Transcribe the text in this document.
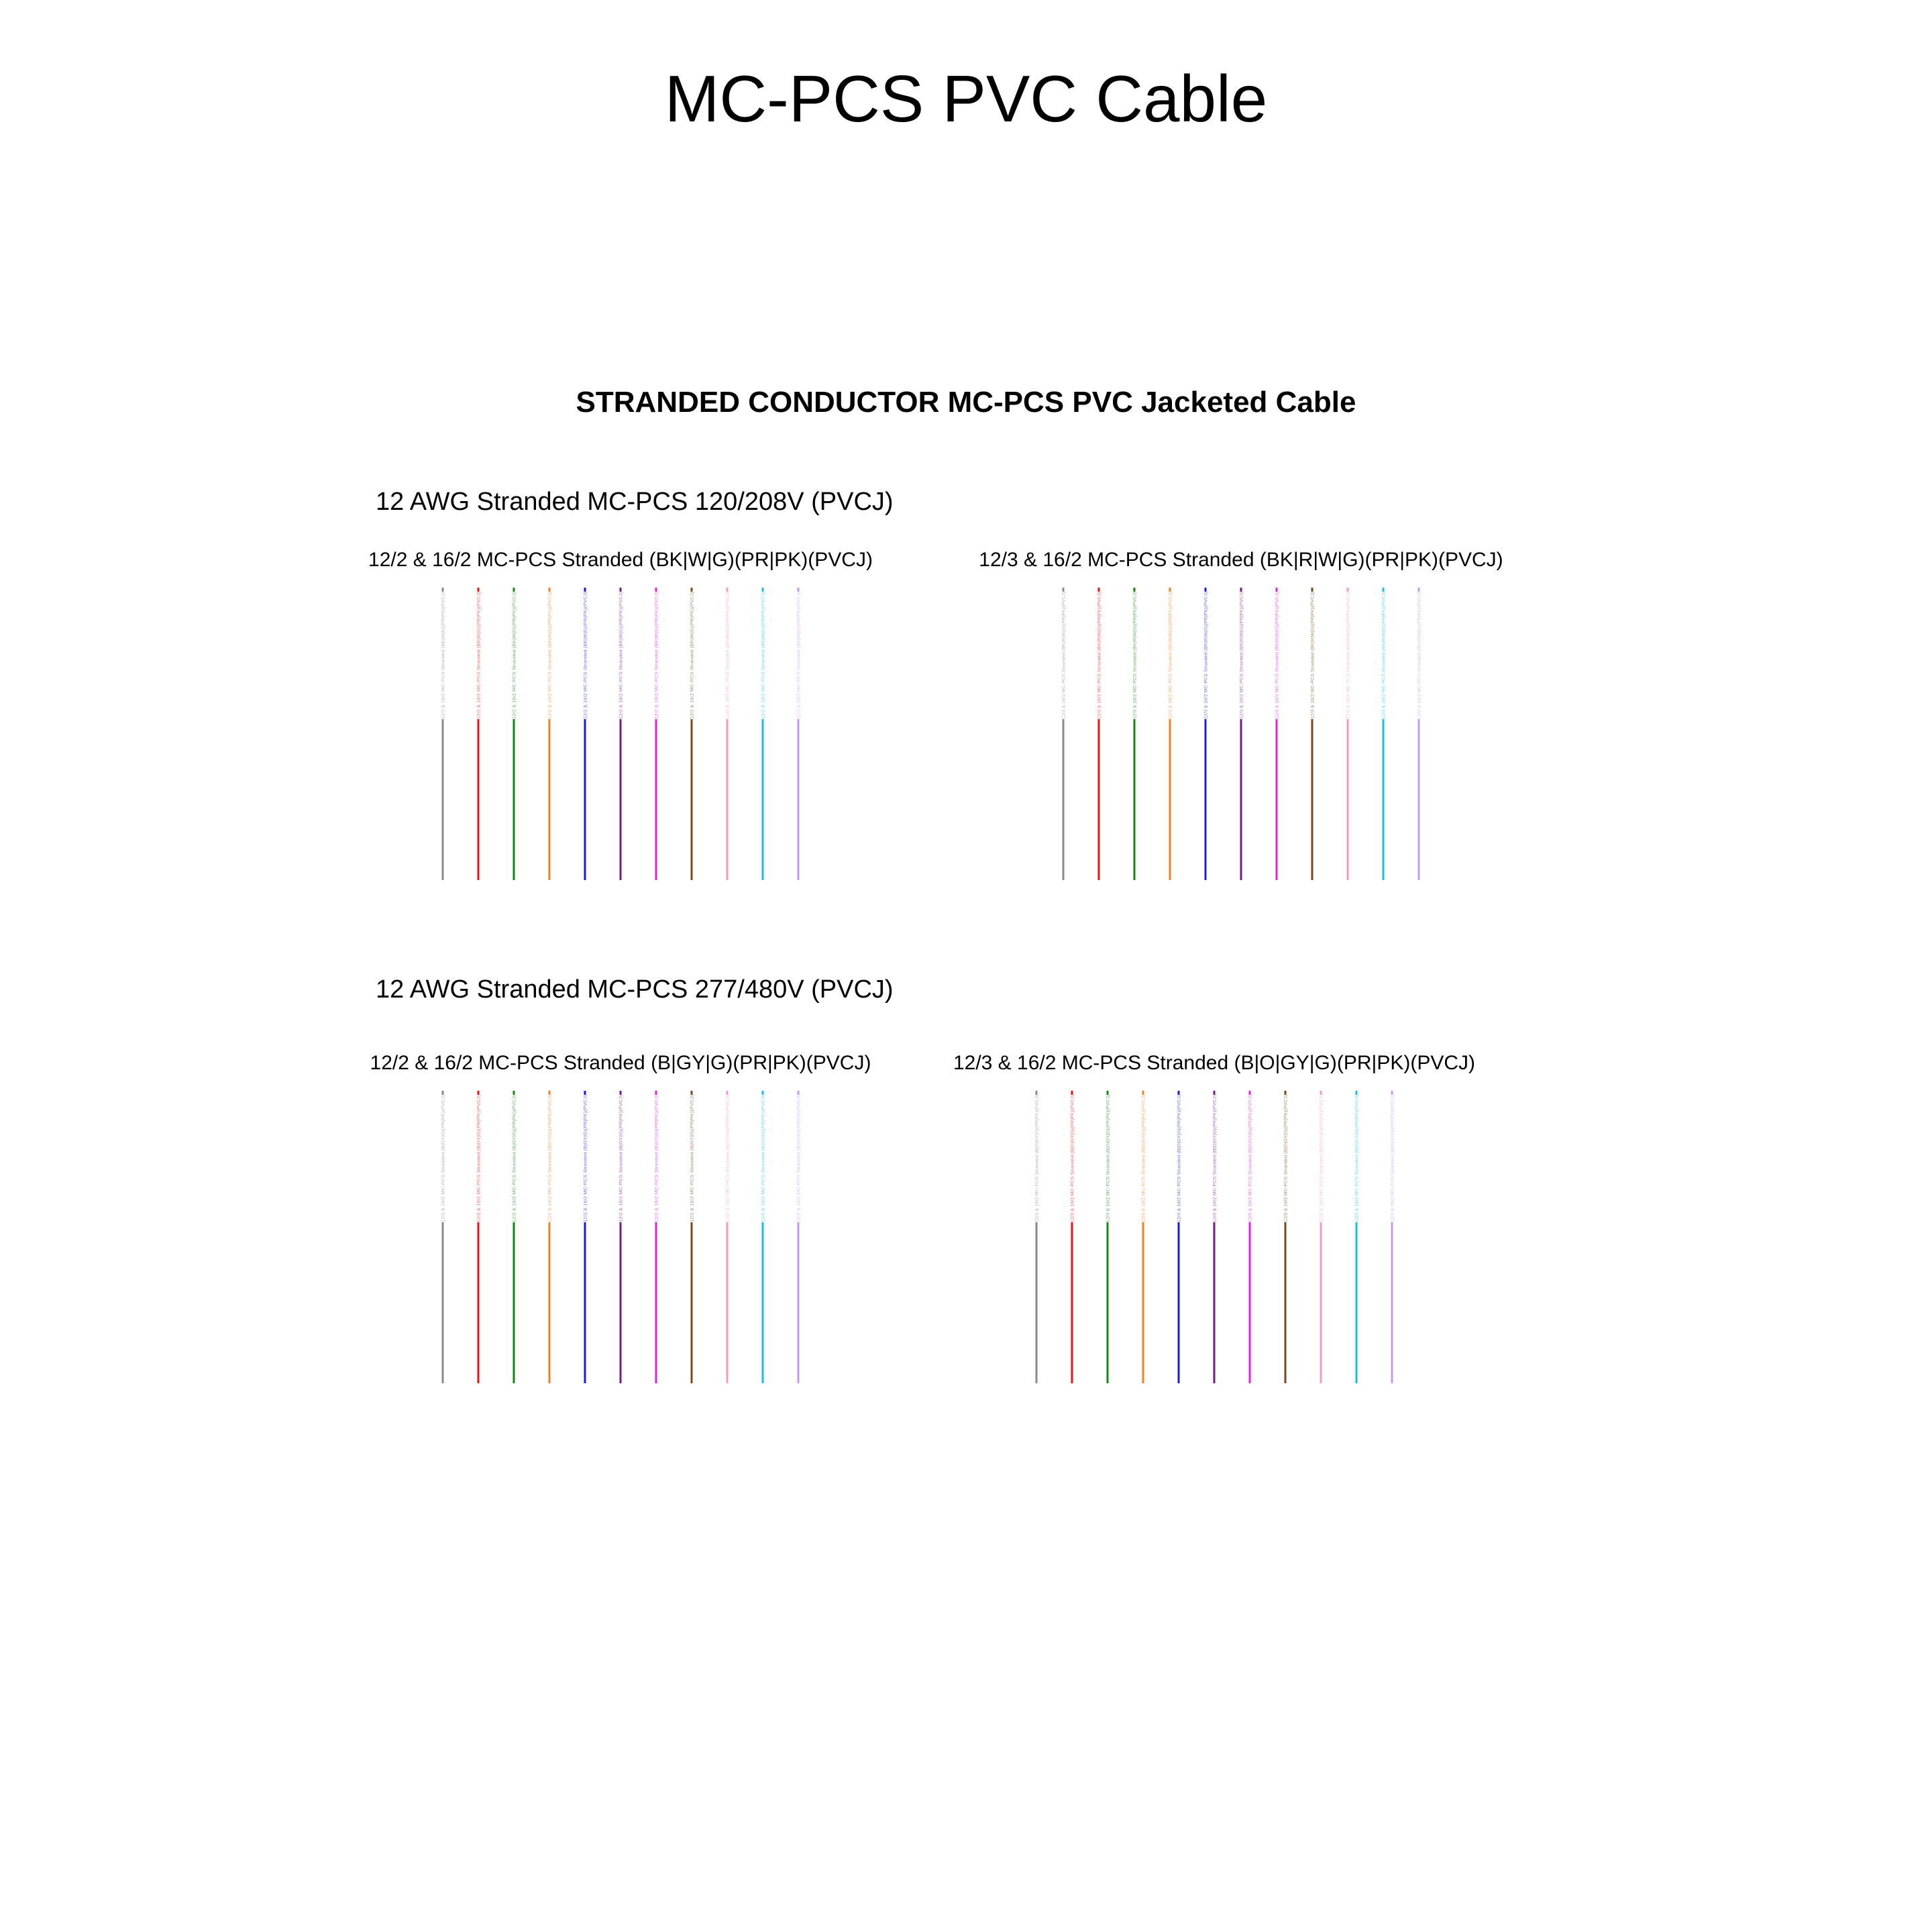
MC-PCS PVC Cable
STRANDED CONDUCTOR MC-PCS PVC Jacketed Cable
12 AWG Stranded MC-PCS 120/208V (PVCJ)
12 AWG Stranded MC-PCS 277/480V (PVCJ)
12/2 & 16/2 MC-PCS Stranded (BK|W|G)(PR|PK)(PVCJ)
12/2 & 16/2 MC-PCS Stranded (BK|W|G)(PR|PK)(PVCJ)	12/2 & 16/2 MC-PCS Stranded (BK|W|G)(PR|PK)(PVCJ)	12/2 & 16/2 MC-PCS Stranded (BK|W|G)(PR|PK)(PVCJ)	12/2 & 16/2 MC-PCS Stranded (BK|W|G)(PR|PK)(PVCJ)	12/2 & 16/2 MC-PCS Stranded (BK|W|G)(PR|PK)(PVCJ)	12/2 & 16/2 MC-PCS Stranded (BK|W|G)(PR|PK)(PVCJ)	12/2 & 16/2 MC-PCS Stranded (BK|W|G)(PR|PK)(PVCJ)	12/2 & 16/2 MC-PCS Stranded (BK|W|G)(PR|PK)(PVCJ)	12/2 & 16/2 MC-PCS Stranded (BK|W|G)(PR|PK)(PVCJ)	12/2 & 16/2 MC-PCS Stranded (BK|W|G)(PR|PK)(PVCJ)	12/2 & 16/2 MC-PCS Stranded (BK|W|G)(PR|PK)(PVCJ)
12/3 & 16/2 MC-PCS Stranded (BK|R|W|G)(PR|PK)(PVCJ)
12/3 & 16/2 MC-PCS Stranded (BK|R|W|G)(PR|PK)(PVCJ)	12/3 & 16/2 MC-PCS Stranded (BK|R|W|G)(PR|PK)(PVCJ)	12/3 & 16/2 MC-PCS Stranded (BK|R|W|G)(PR|PK)(PVCJ)	12/3 & 16/2 MC-PCS Stranded (BK|R|W|G)(PR|PK)(PVCJ)	12/3 & 16/2 MC-PCS Stranded (BK|R|W|G)(PR|PK)(PVCJ)	12/3 & 16/2 MC-PCS Stranded (BK|R|W|G)(PR|PK)(PVCJ)	12/3 & 16/2 MC-PCS Stranded (BK|R|W|G)(PR|PK)(PVCJ)	12/3 & 16/2 MC-PCS Stranded (BK|R|W|G)(PR|PK)(PVCJ)	12/3 & 16/2 MC-PCS Stranded (BK|R|W|G)(PR|PK)(PVCJ)	12/3 & 16/2 MC-PCS Stranded (BK|R|W|G)(PR|PK)(PVCJ)	12/3 & 16/2 MC-PCS Stranded (BK|R|W|G)(PR|PK)(PVCJ)
12/2 & 16/2 MC-PCS Stranded (B|GY|G)(PR|PK)(PVCJ)
12/2 & 16/2 MC-PCS Stranded (B|GY|G)(PR|PK)(PVCJ)	12/2 & 16/2 MC-PCS Stranded (B|GY|G)(PR|PK)(PVCJ)	12/2 & 16/2 MC-PCS Stranded (B|GY|G)(PR|PK)(PVCJ)	12/2 & 16/2 MC-PCS Stranded (B|GY|G)(PR|PK)(PVCJ)	12/2 & 16/2 MC-PCS Stranded (B|GY|G)(PR|PK)(PVCJ)	12/2 & 16/2 MC-PCS Stranded (B|GY|G)(PR|PK)(PVCJ)	12/2 & 16/2 MC-PCS Stranded (B|GY|G)(PR|PK)(PVCJ)	12/2 & 16/2 MC-PCS Stranded (B|GY|G)(PR|PK)(PVCJ)	12/2 & 16/2 MC-PCS Stranded (B|GY|G)(PR|PK)(PVCJ)	12/2 & 16/2 MC-PCS Stranded (B|GY|G)(PR|PK)(PVCJ)	12/2 & 16/2 MC-PCS Stranded (B|GY|G)(PR|PK)(PVCJ)
12/3 & 16/2 MC-PCS Stranded (B|O|GY|G)(PR|PK)(PVCJ)
12/3 & 16/2 MC-PCS Stranded (B|O|GY|G)(PR|PK)(PVCJ)	12/3 & 16/2 MC-PCS Stranded (B|O|GY|G)(PR|PK)(PVCJ)	12/3 & 16/2 MC-PCS Stranded (B|O|GY|G)(PR|PK)(PVCJ)	12/3 & 16/2 MC-PCS Stranded (B|O|GY|G)(PR|PK)(PVCJ)	12/3 & 16/2 MC-PCS Stranded (B|O|GY|G)(PR|PK)(PVCJ)	12/3 & 16/2 MC-PCS Stranded (B|O|GY|G)(PR|PK)(PVCJ)	12/3 & 16/2 MC-PCS Stranded (B|O|GY|G)(PR|PK)(PVCJ)	12/3 & 16/2 MC-PCS Stranded (B|O|GY|G)(PR|PK)(PVCJ)	12/3 & 16/2 MC-PCS Stranded (B|O|GY|G)(PR|PK)(PVCJ)	12/3 & 16/2 MC-PCS Stranded (B|O|GY|G)(PR|PK)(PVCJ)	12/3 & 16/2 MC-PCS Stranded (B|O|GY|G)(PR|PK)(PVCJ)
